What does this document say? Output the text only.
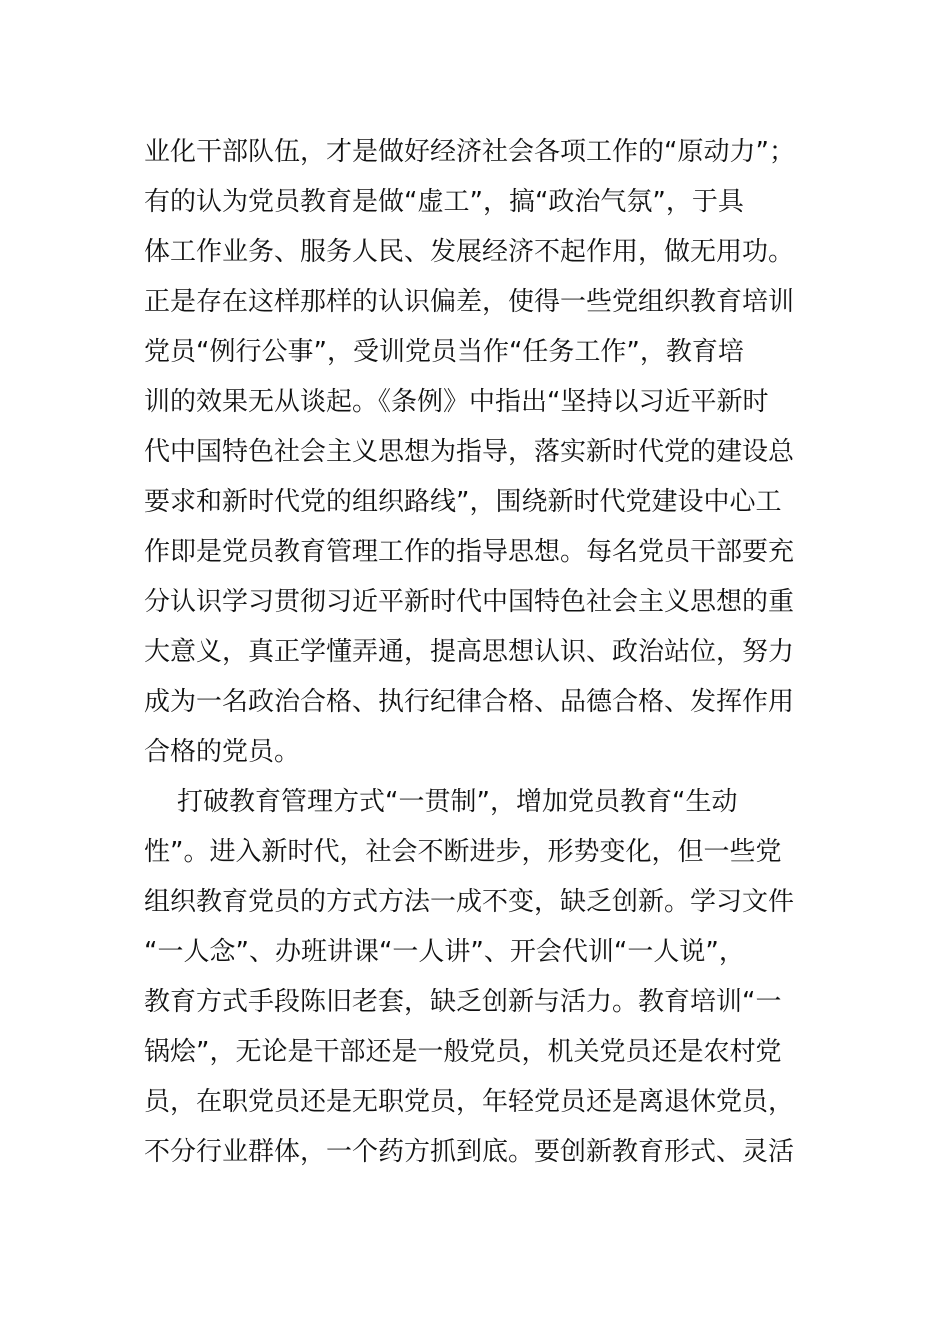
业化干部队伍，才是做好经济社会各项工作的“原动力”；
有的认为党员教育是做“虚工”，搞“政治气氛”，于具
体工作业务、服务人民、发展经济不起作用，做无用功。
正是存在这样那样的认识偏差，使得一些党组织教育培训
党员“例行公事”，受训党员当作“任务工作”，教育培
训的效果无从谈起。《条例》中指出“坚持以习近平新时
代中国特色社会主义思想为指导，落实新时代党的建设总
要求和新时代党的组织路线”，围绕新时代党建设中心工
作即是党员教育管理工作的指导思想。每名党员干部要充
分认识学习贯彻习近平新时代中国特色社会主义思想的重
大意义，真正学懂弄通，提高思想认识、政治站位，努力
成为一名政治合格、执行纪律合格、品德合格、发挥作用
合格的党员。
打破教育管理方式“一贯制”，增加党员教育“生动
性”。进入新时代，社会不断进步，形势变化，但一些党
组织教育党员的方式方法一成不变，缺乏创新。学习文件
“一人念”、办班讲课“一人讲”、开会代训“一人说”，
教育方式手段陈旧老套，缺乏创新与活力。教育培训“一
锅烩”，无论是干部还是一般党员，机关党员还是农村党
员，在职党员还是无职党员，年轻党员还是离退休党员，
不分行业群体，一个药方抓到底。要创新教育形式、灵活
